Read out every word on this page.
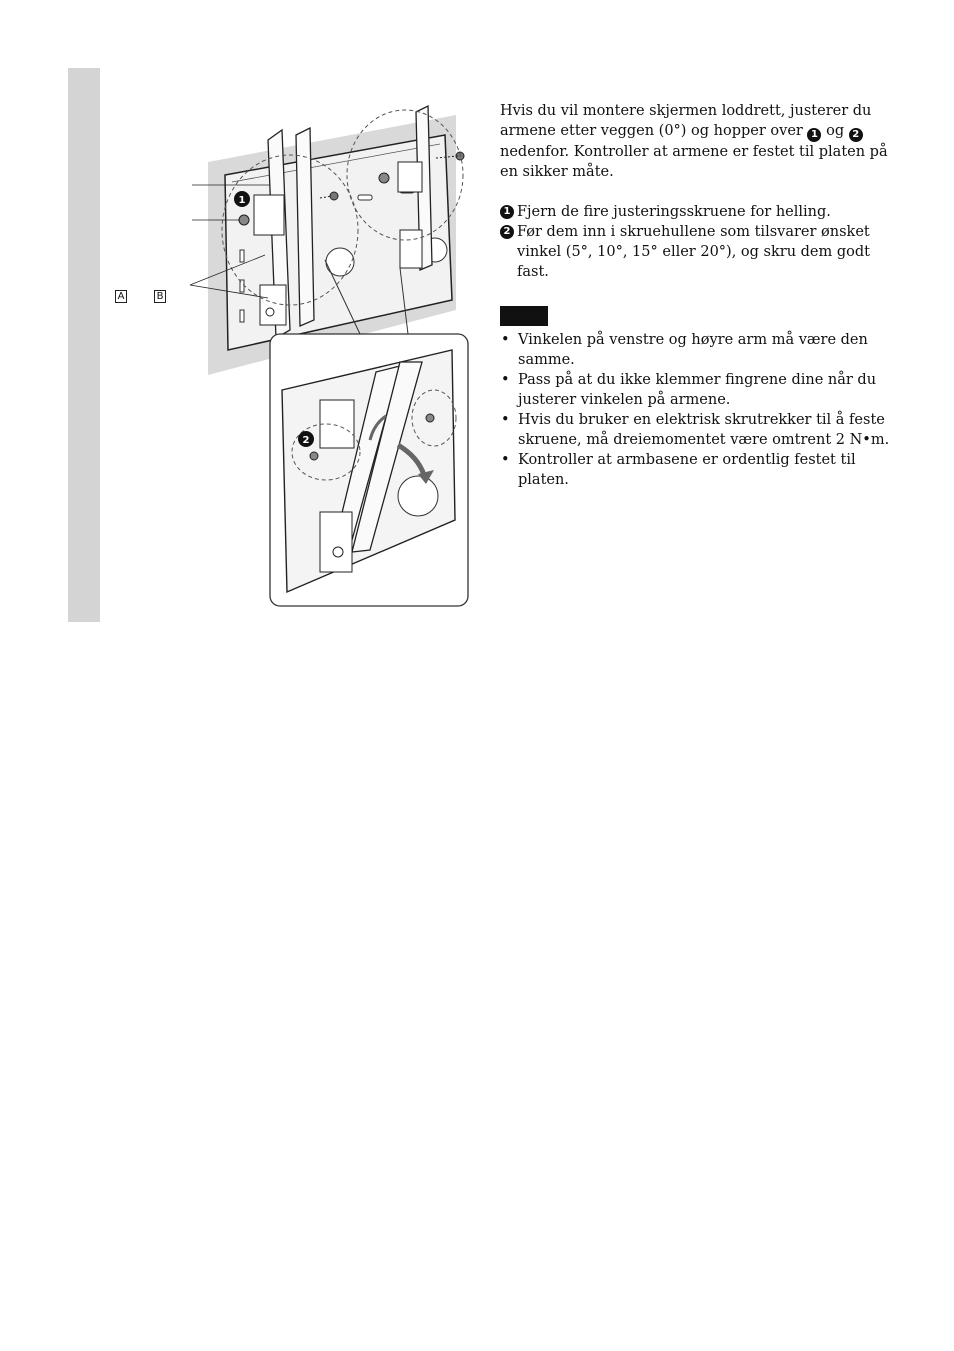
1
2
A	B

Hvis du vil montere skjermen loddrett, justerer du armene etter veggen (0°) og hopper over 1 og 2 nedenfor. Kontroller at armene er festet til platen på en sikker måte.

1 Fjern de fire justeringsskruene for helling.
2 Før dem inn i skruehullene som tilsvarer ønsket vinkel (5°, 10°, 15° eller 20°), og skru dem godt fast.
• Vinkelen på venstre og høyre arm må være den samme.
• Pass på at du ikke klemmer fingrene dine når du justerer vinkelen på armene.
• Hvis du bruker en elektrisk skrutrekker til å feste skruene, må dreiemomentet være omtrent 2 N•m.
• Kontroller at armbasene er ordentlig festet til platen.
